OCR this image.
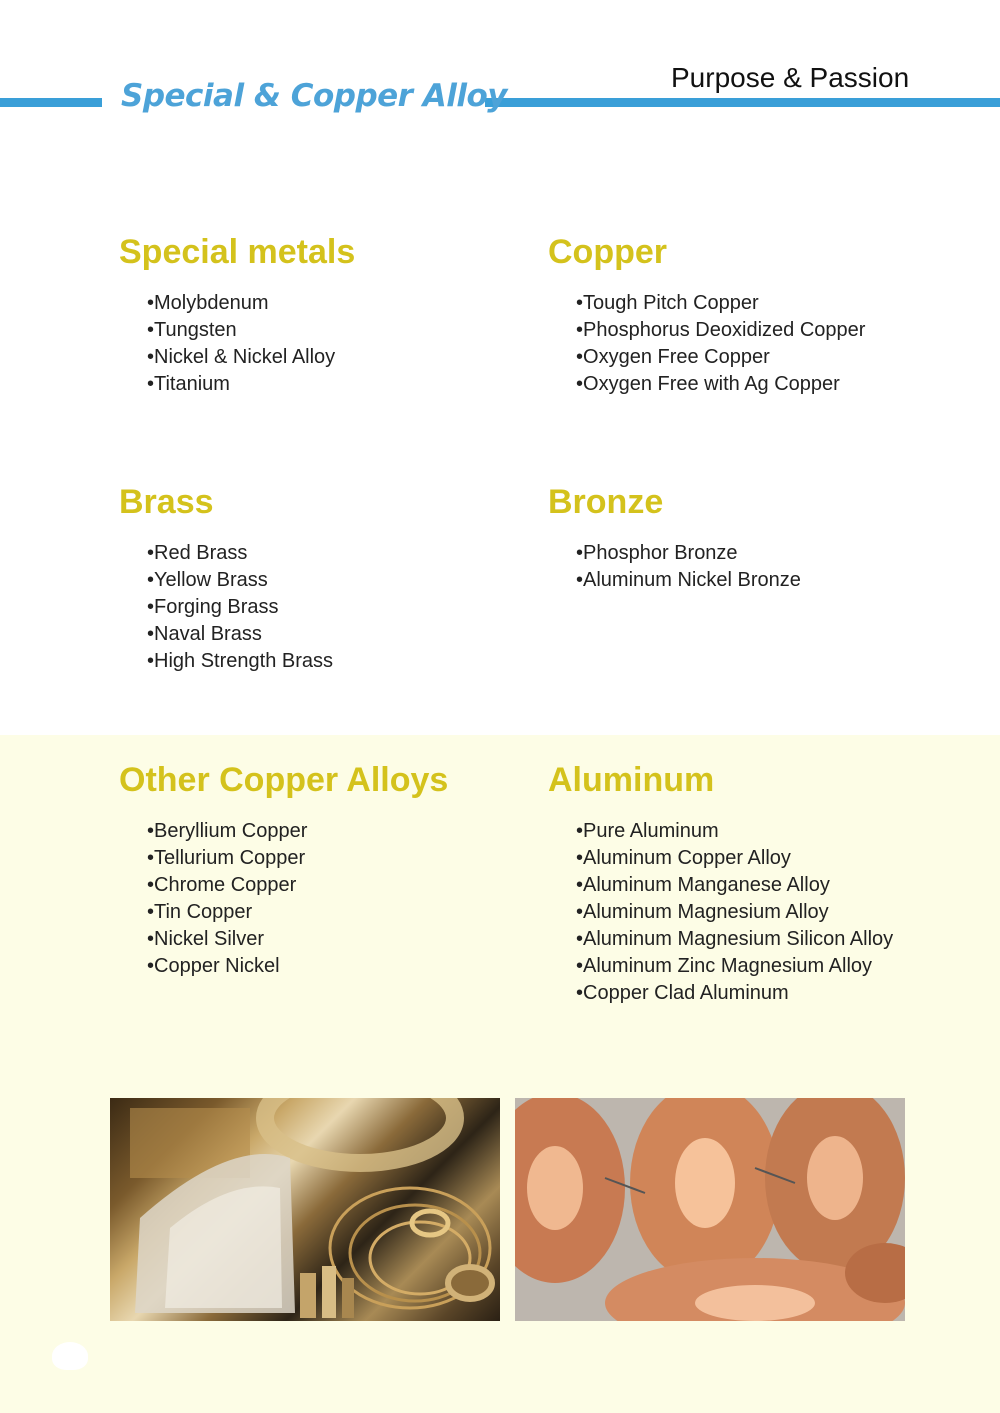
Special & Copper Alloy
Purpose & Passion
Special metals
• Molybdenum
• Tungsten
• Nickel & Nickel Alloy
• Titanium
Copper
• Tough Pitch Copper
• Phosphorus Deoxidized Copper
• Oxygen Free Copper
• Oxygen Free with Ag Copper
Brass
• Red Brass
• Yellow Brass
• Forging Brass
• Naval Brass
• High Strength Brass
Bronze
• Phosphor Bronze
• Aluminum Nickel Bronze
Other Copper Alloys
• Beryllium Copper
• Tellurium Copper
• Chrome Copper
• Tin Copper
• Nickel Silver
• Copper Nickel
Aluminum
• Pure Aluminum
• Aluminum Copper Alloy
• Aluminum Manganese Alloy
• Aluminum Magnesium Alloy
• Aluminum Magnesium Silicon Alloy
• Aluminum Zinc Magnesium Alloy
• Copper Clad Aluminum
